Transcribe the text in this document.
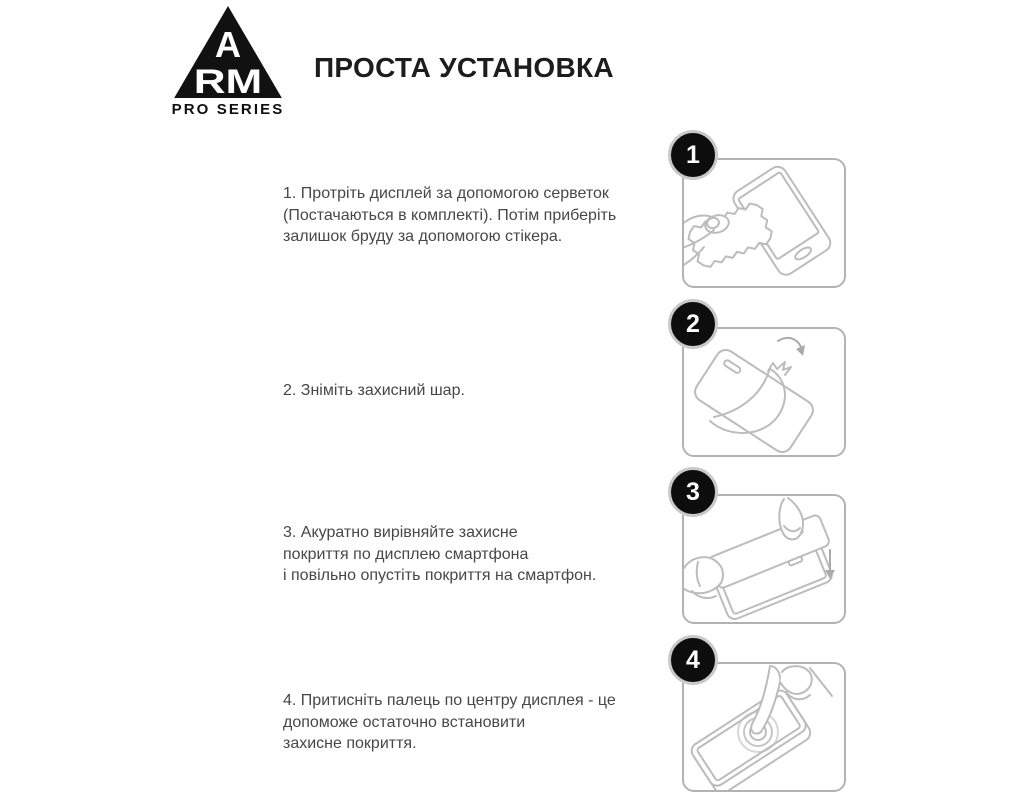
A
RM
PRO SERIES
ПРОСТА УСТАНОВКА
1. Протріть дисплей за допомогою серветок
(Постачаються в комплекті). Потім приберіть
залишок бруду за допомогою стікера.
2. Зніміть захисний шар.
3. Акуратно вирівняйте захисне
покриття по дисплею смартфона
і повільно опустіть покриття на смартфон.
4. Притисніть палець по центру дисплея - це
допоможе остаточно встановити
захисне покриття.
1
2
3
4
